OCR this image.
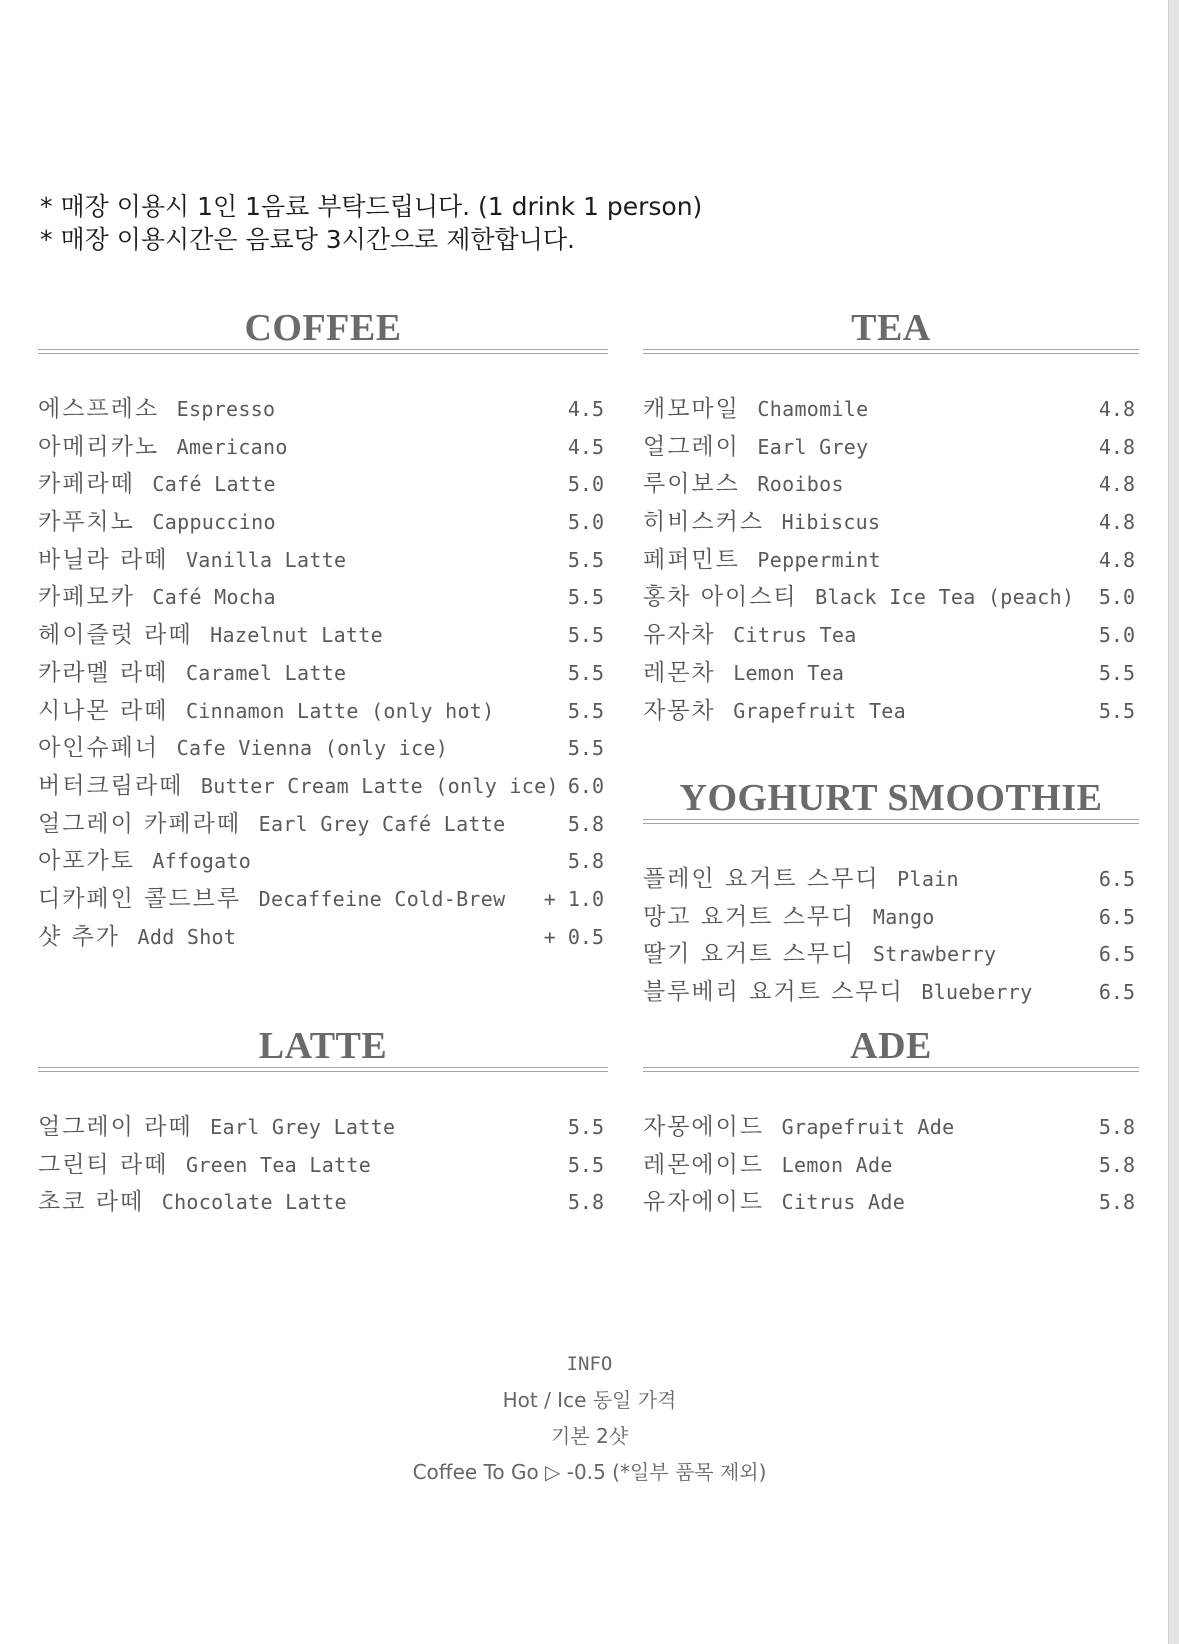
* 매장 이용시 1인 1음료 부탁드립니다. (1 drink 1 person)
* 매장 이용시간은 음료당 3시간으로 제한합니다.
COFFEE
에스프레소 Espresso	4.5
아메리카노 Americano	4.5
카페라떼 Café Latte	5.0
카푸치노 Cappuccino	5.0
바닐라 라떼 Vanilla Latte	5.5
카페모카 Café Mocha	5.5
헤이즐럿 라떼 Hazelnut Latte	5.5
카라멜 라떼 Caramel Latte	5.5
시나몬 라떼 Cinnamon Latte (only hot)	5.5
아인슈페너 Cafe Vienna (only ice)	5.5
버터크림라떼 Butter Cream Latte (only ice) 6.0
얼그레이 카페라떼 Earl Grey Café Latte	5.8
아포가토 Affogato	5.8
디카페인 콜드브루 Decaffeine Cold-Brew + 1.0
샷 추가 Add Shot	+ 0.5
TEA
캐모마일 Chamomile	4.8
얼그레이 Earl Grey	4.8
루이보스 Rooibos	4.8
히비스커스 Hibiscus	4.8
페퍼민트 Peppermint	4.8
홍차 아이스티 Black Ice Tea (peach) 5.0
유자차 Citrus Tea	5.0
레몬차 Lemon Tea	5.5
자몽차 Grapefruit Tea	5.5
YOGHURT SMOOTHIE
플레인 요거트 스무디 Plain	6.5
망고 요거트 스무디 Mango	6.5
딸기 요거트 스무디 Strawberry	6.5
블루베리 요거트 스무디 Blueberry	6.5
LATTE
얼그레이 라떼 Earl Grey Latte	5.5
그린티 라떼 Green Tea Latte	5.5
초코 라떼 Chocolate Latte	5.8
ADE
자몽에이드 Grapefruit Ade	5.8
레몬에이드 Lemon Ade	5.8
유자에이드 Citrus Ade	5.8
INFO
Hot / Ice 동일 가격
기본 2샷
Coffee To Go ▷ -0.5 (*일부 품목 제외)
